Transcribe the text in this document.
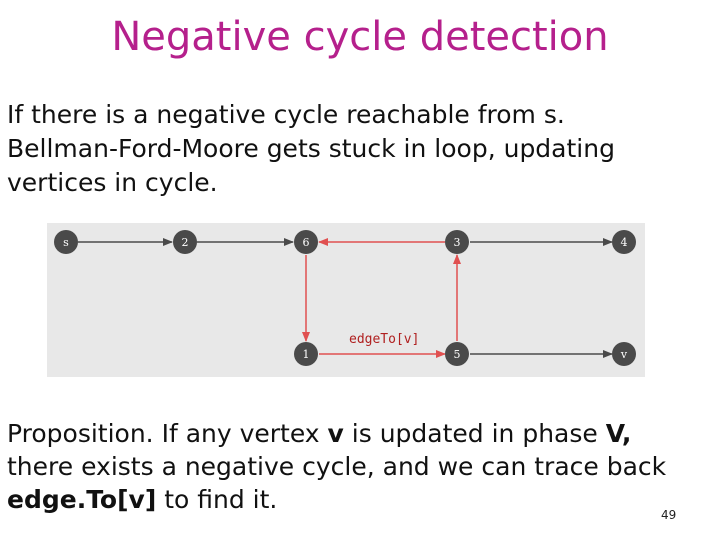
Negative cycle detection
If there is a negative cycle reachable from s.
Bellman-Ford-Moore gets stuck in loop, updating
vertices in cycle.
s	2	6	3	4
1	5	v
edgeTo[v]
Proposition. If any vertex v is updated in phase V,
there exists a negative cycle, and we can trace back
edge.To[v] to find it.
49
